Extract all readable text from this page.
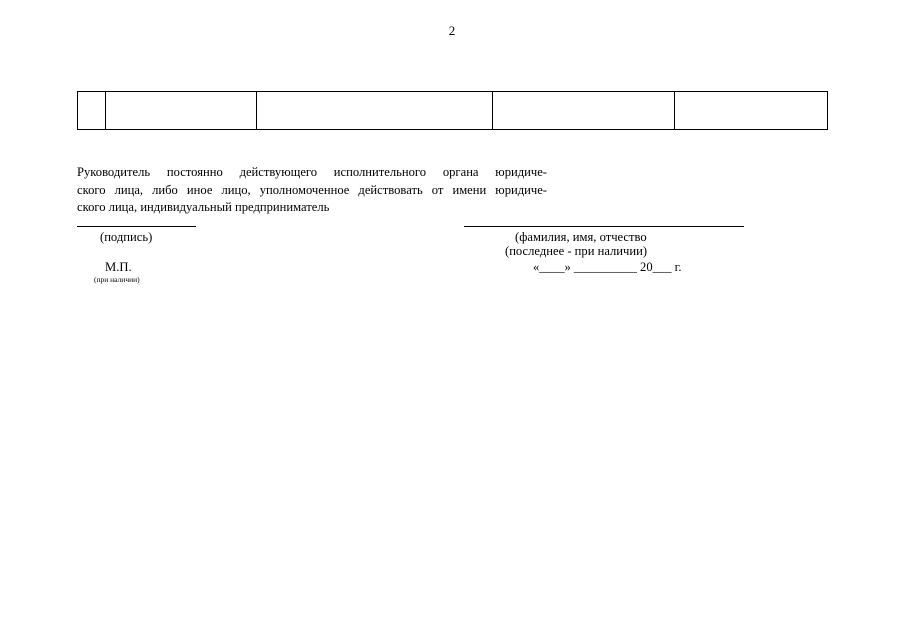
2

Руководитель постоянно действующего исполнительного органа юридиче-
ского лица, либо иное лицо, уполномоченное действовать от имени юридиче-
ского лица, индивидуальный предприниматель
(подпись)	(фамилия, имя, отчество
(последнее - при наличии)
М.П.	«____» __________ 20___ г.
(при наличии)
